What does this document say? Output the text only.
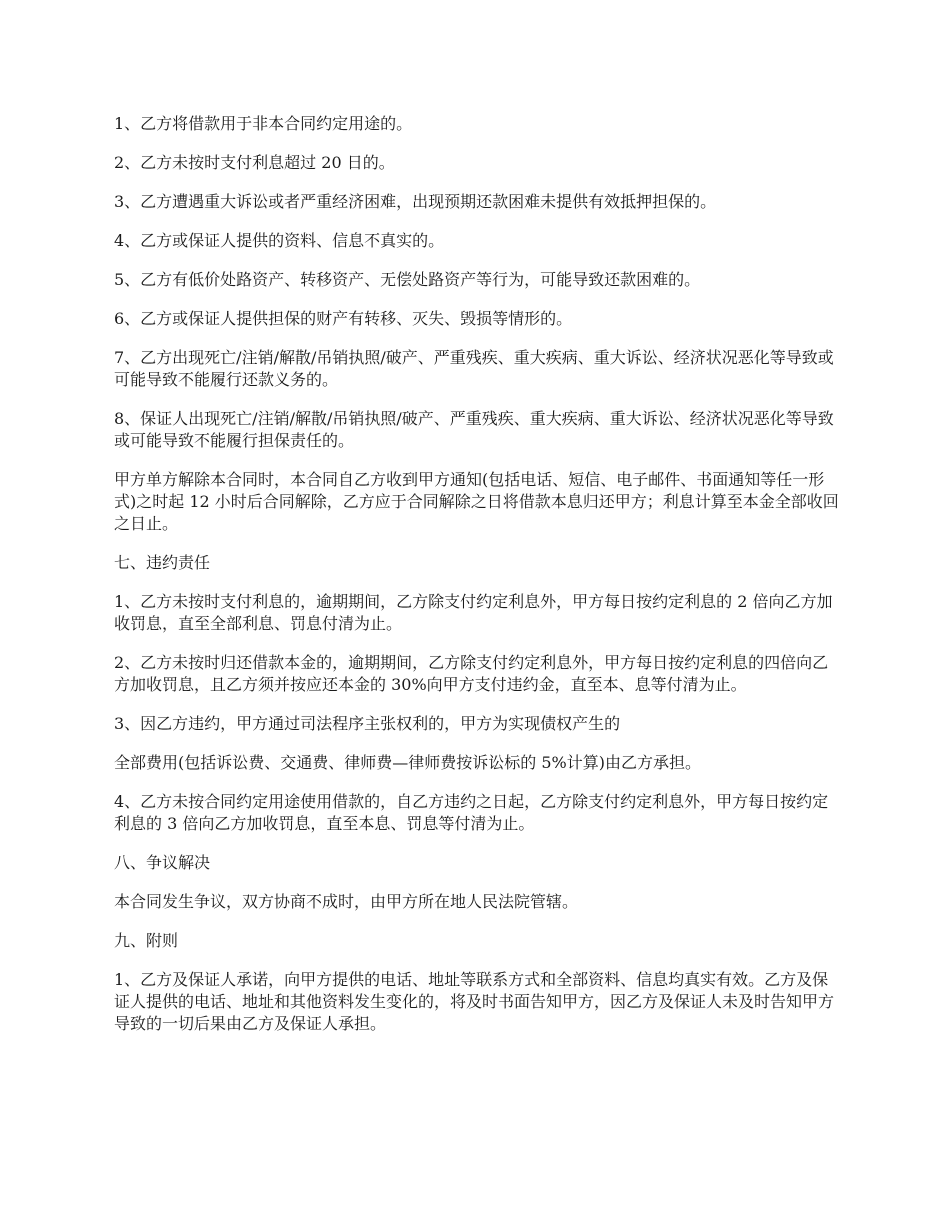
1、乙方将借款用于非本合同约定用途的。

2、乙方未按时支付利息超过 20 日的。

3、乙方遭遇重大诉讼或者严重经济困难，出现预期还款困难未提供有效抵押担保的。

4、乙方或保证人提供的资料、信息不真实的。

5、乙方有低价处路资产、转移资产、无偿处路资产等行为，可能导致还款困难的。

6、乙方或保证人提供担保的财产有转移、灭失、毁损等情形的。

7、乙方出现死亡/注销/解散/吊销执照/破产、严重残疾、重大疾病、重大诉讼、经济状况恶化等导致或可能导致不能履行还款义务的。

8、保证人出现死亡/注销/解散/吊销执照/破产、严重残疾、重大疾病、重大诉讼、经济状况恶化等导致或可能导致不能履行担保责任的。

甲方单方解除本合同时，本合同自乙方收到甲方通知(包括电话、短信、电子邮件、书面通知等任一形式)之时起 12 小时后合同解除，乙方应于合同解除之日将借款本息归还甲方；利息计算至本金全部收回之日止。

七、违约责任

1、乙方未按时支付利息的，逾期期间，乙方除支付约定利息外，甲方每日按约定利息的 2 倍向乙方加收罚息，直至全部利息、罚息付清为止。

2、乙方未按时归还借款本金的，逾期期间，乙方除支付约定利息外，甲方每日按约定利息的四倍向乙方加收罚息，且乙方须并按应还本金的 30%向甲方支付违约金，直至本、息等付清为止。

3、因乙方违约，甲方通过司法程序主张权利的，甲方为实现债权产生的

全部费用(包括诉讼费、交通费、律师费—律师费按诉讼标的 5%计算)由乙方承担。

4、乙方未按合同约定用途使用借款的，自乙方违约之日起，乙方除支付约定利息外，甲方每日按约定利息的 3 倍向乙方加收罚息，直至本息、罚息等付清为止。

八、争议解决

本合同发生争议，双方协商不成时，由甲方所在地人民法院管辖。

九、附则

1、乙方及保证人承诺，向甲方提供的电话、地址等联系方式和全部资料、信息均真实有效。乙方及保证人提供的电话、地址和其他资料发生变化的，将及时书面告知甲方，因乙方及保证人未及时告知甲方导致的一切后果由乙方及保证人承担。
